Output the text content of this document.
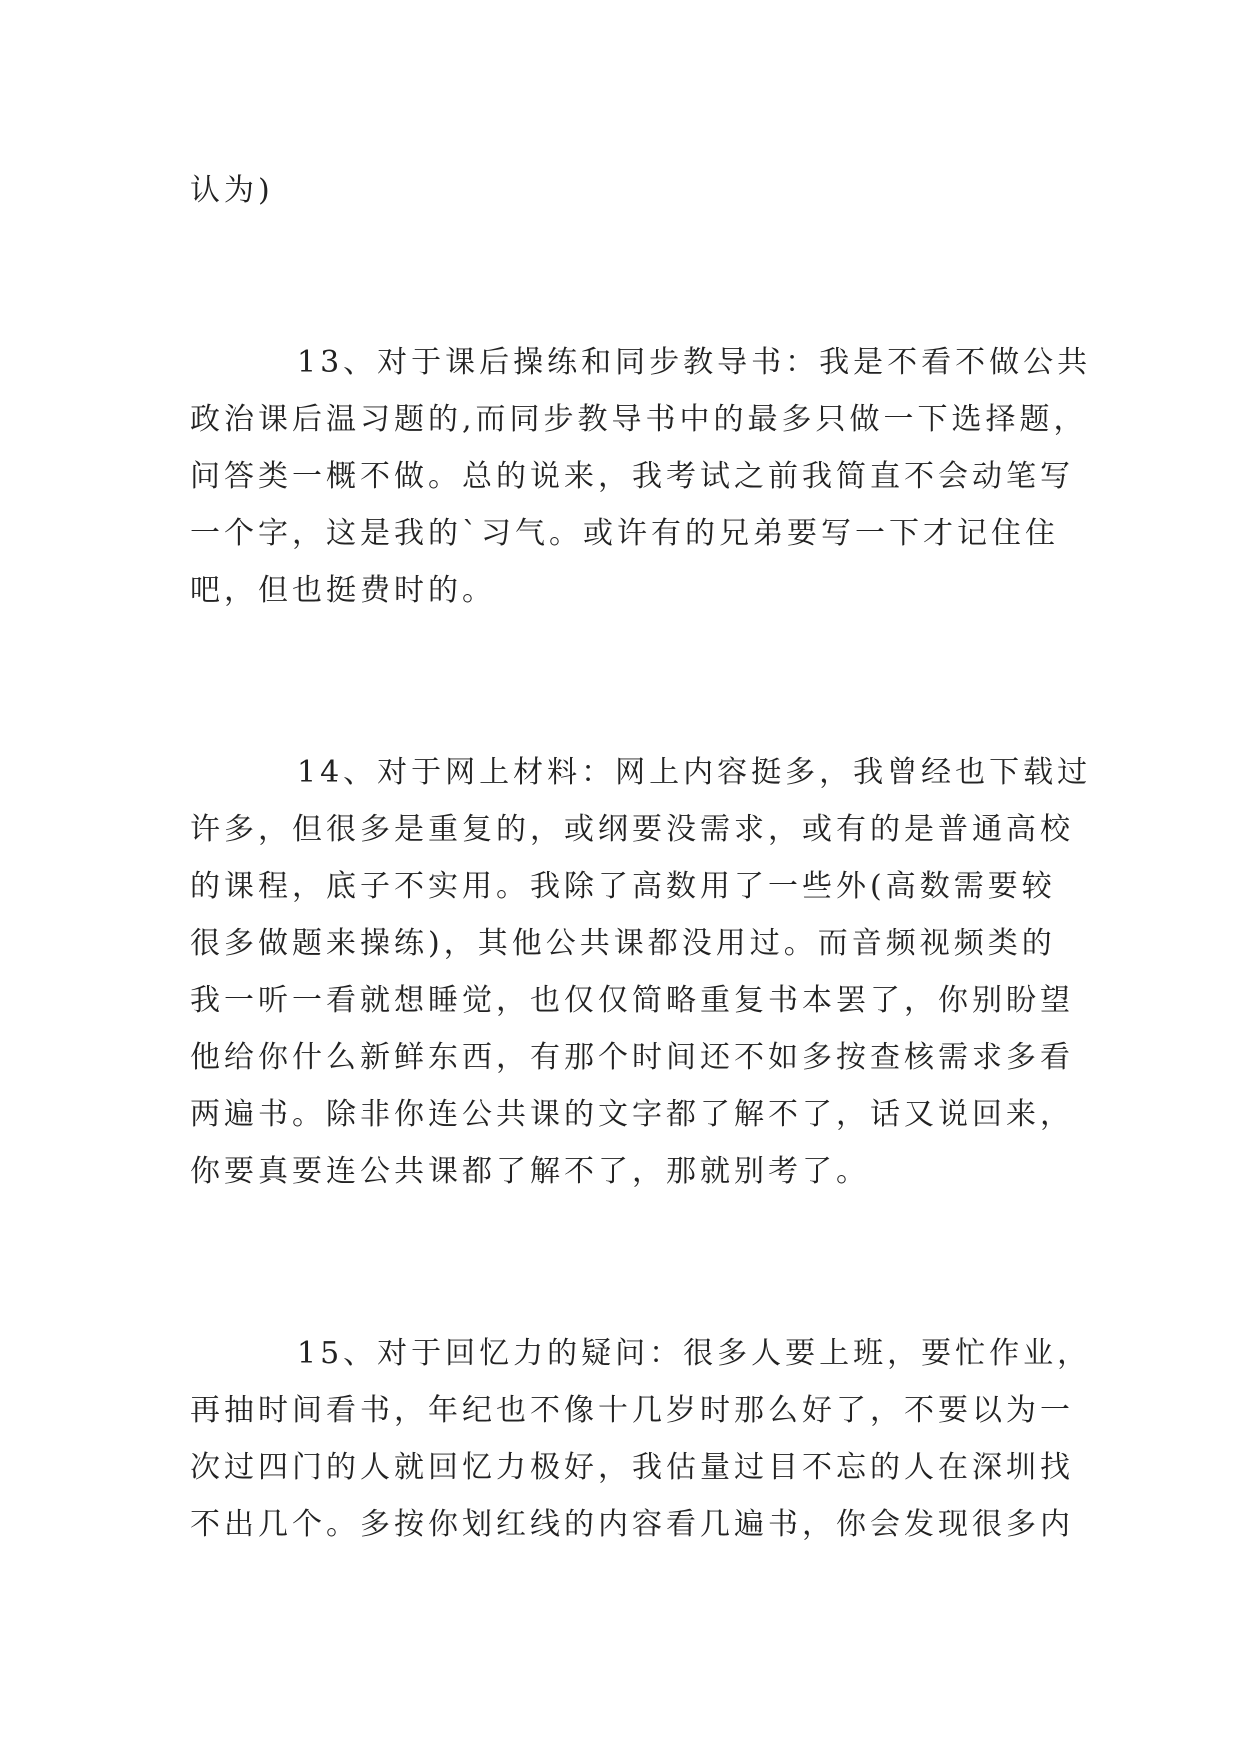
认为)
13、对于课后操练和同步教导书：我是不看不做公共
政治课后温习题的,而同步教导书中的最多只做一下选择题，
问答类一概不做。总的说来，我考试之前我简直不会动笔写
一个字，这是我的`习气。或许有的兄弟要写一下才记住住
吧，但也挺费时的。
14、对于网上材料：网上内容挺多，我曾经也下载过
许多，但很多是重复的，或纲要没需求，或有的是普通高校
的课程，底子不实用。我除了高数用了一些外(高数需要较
很多做题来操练)，其他公共课都没用过。而音频视频类的
我一听一看就想睡觉，也仅仅简略重复书本罢了，你别盼望
他给你什么新鲜东西，有那个时间还不如多按查核需求多看
两遍书。除非你连公共课的文字都了解不了，话又说回来，
你要真要连公共课都了解不了，那就别考了。
15、对于回忆力的疑问：很多人要上班，要忙作业，
再抽时间看书，年纪也不像十几岁时那么好了，不要以为一
次过四门的人就回忆力极好，我估量过目不忘的人在深圳找
不出几个。多按你划红线的内容看几遍书，你会发现很多内
